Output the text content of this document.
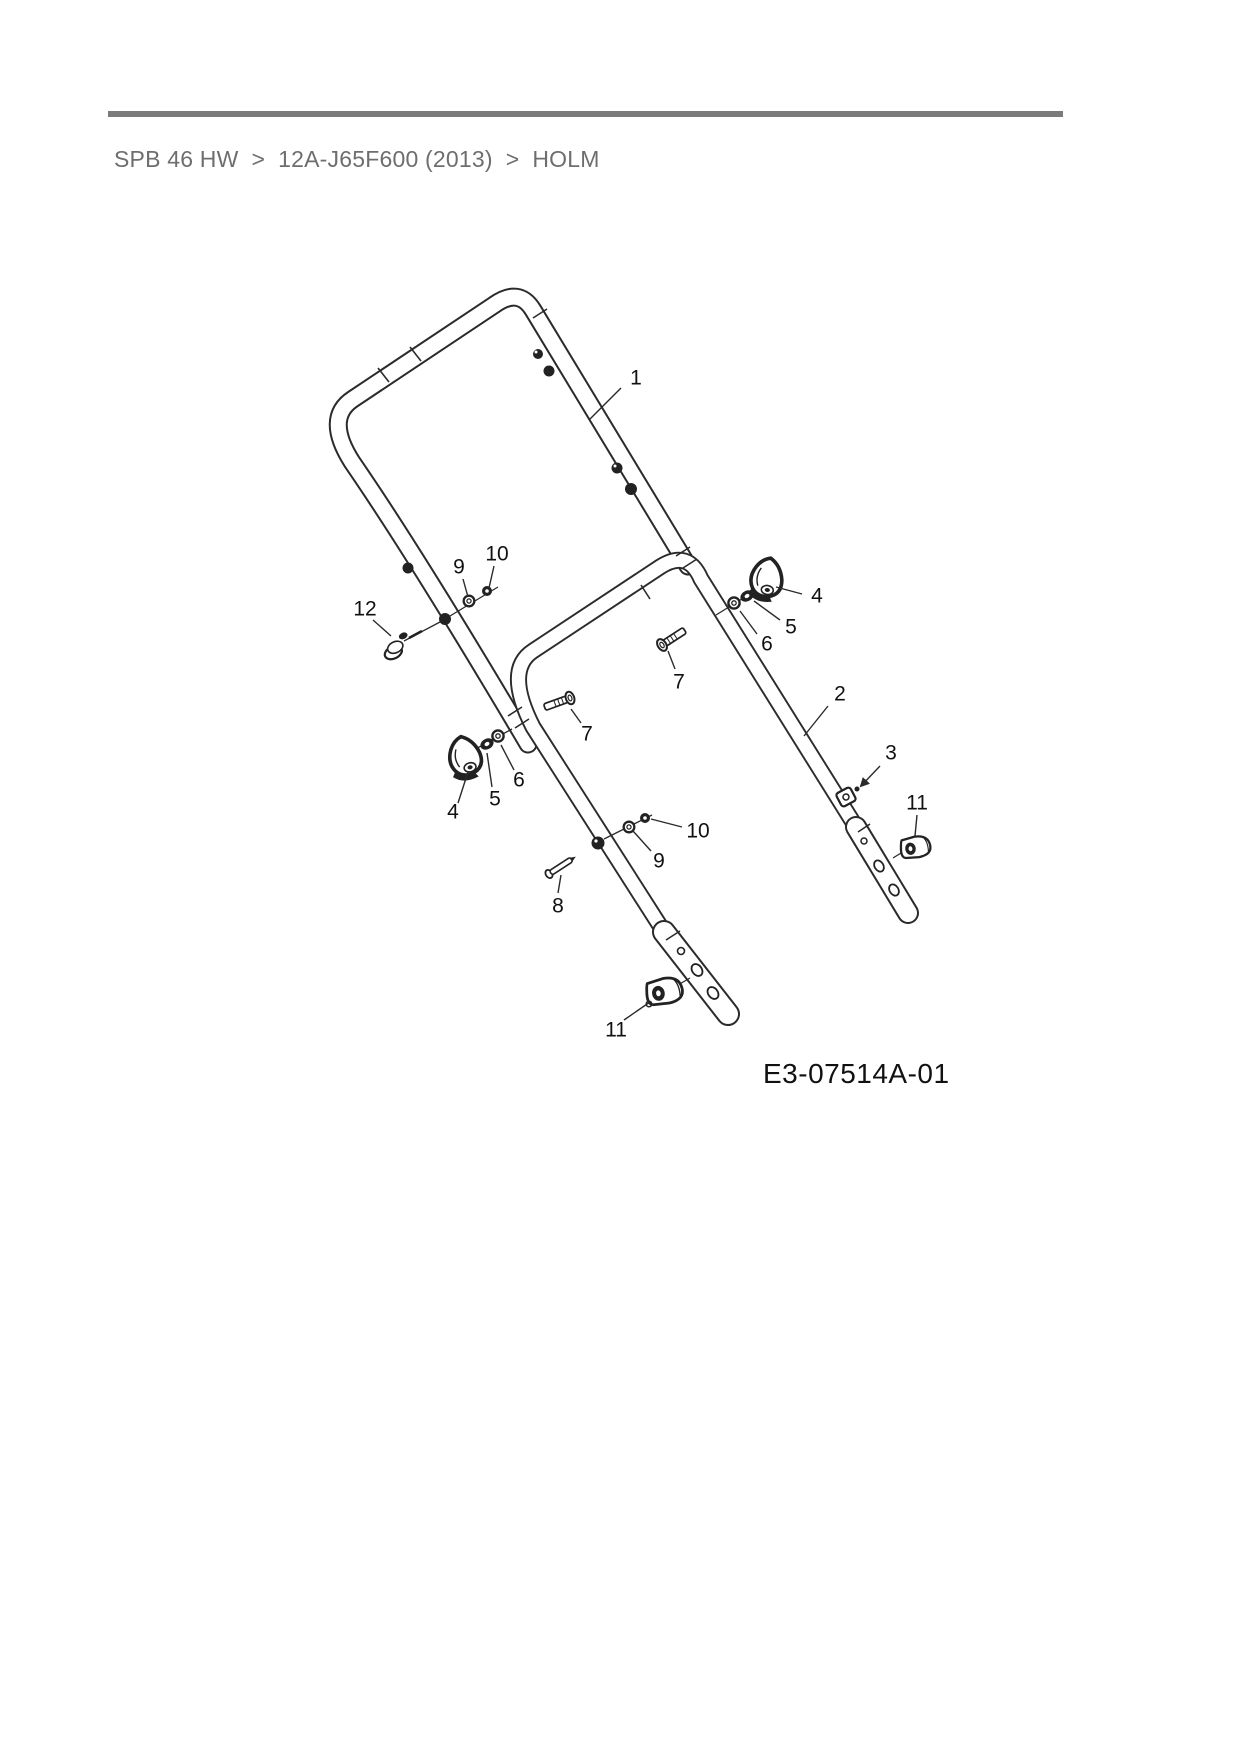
SPB 46 HW > 12A-J65F600 (2013) > HOLM
1
2
3
4
4
5
5
6
6
7
7
8
9
9
10
10
11
11
12
E3-07514A-01
